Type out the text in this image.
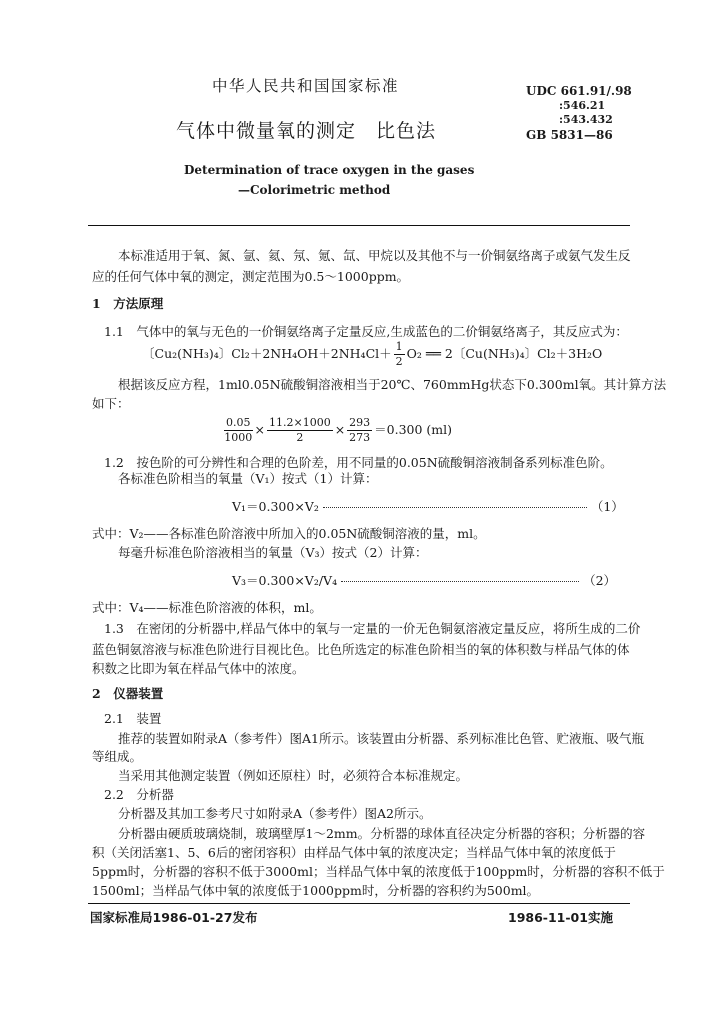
中华人民共和国国家标准
气体中微量氧的测定　比色法
Determination of trace oxygen in the gases
—Colorimetric method
UDC 661.91/.98
:546.21
:543.432
GB 5831—86
本标准适用于氧、氮、氩、氦、氖、氪、氙、甲烷以及其他不与一价铜氨络离子或氨气发生反
应的任何气体中氧的测定，测定范围为0.5～1000ppm。
1　方法原理
1.1　气体中的氧与无色的一价铜氨络离子定量反应,生成蓝色的二价铜氨络离子，其反应式为：
〔Cu₂(NH₃)₄〕$Cl_2+2NH_4OH+2NH_4Cl+ \frac{1}{2} O_2$ ══ 2〔Cu(NH₃)₄〕Cl₂＋3H₂O
根据该反应方程，1ml0.05N硫酸铜溶液相当于20℃、760mmHg状态下0.300ml氧。其计算方法
如下：
$\frac{0.05}{1000} \times \frac{11.2\times 1000}{2} \times \frac{293}{273} =0.300$ (ml)
1.2　按色阶的可分辨性和合理的色阶差，用不同量的0.05N硫酸铜溶液制备系列标准色阶。
各标准色阶相当的氧量（V₁）按式（1）计算：
V₁＝0.300×V₂	（1）
式中：V₂——各标准色阶溶液中所加入的0.05N硫酸铜溶液的量，ml。
每毫升标准色阶溶液相当的氧量（V₃）按式（2）计算：
V₃＝0.300×V₂/V₄	（2）
式中：V₄——标准色阶溶液的体积，ml。
1.3　在密闭的分析器中,样品气体中的氧与一定量的一价无色铜氨溶液定量反应，将所生成的二价
蓝色铜氨溶液与标准色阶进行目视比色。比色所选定的标准色阶相当的氧的体积数与样品气体的体
积数之比即为氧在样品气体中的浓度。
2　仪器装置
2.1　装置
推荐的装置如附录A（参考件）图A1所示。该装置由分析器、系列标准比色管、贮液瓶、吸气瓶
等组成。
当采用其他测定装置（例如还原柱）时，必须符合本标准规定。
2.2　分析器
分析器及其加工参考尺寸如附录A（参考件）图A2所示。
分析器由硬质玻璃烧制，玻璃壁厚1～2mm。分析器的球体直径决定分析器的容积；分析器的容
积（关闭活塞1、5、6后的密闭容积）由样品气体中氧的浓度决定；当样品气体中氧的浓度低于
5ppm时，分析器的容积不低于3000ml；当样品气体中氧的浓度低于100ppm时，分析器的容积不低于
1500ml；当样品气体中氧的浓度低于1000ppm时，分析器的容积约为500ml。
国家标准局1986-01-27发布	1986-11-01实施
